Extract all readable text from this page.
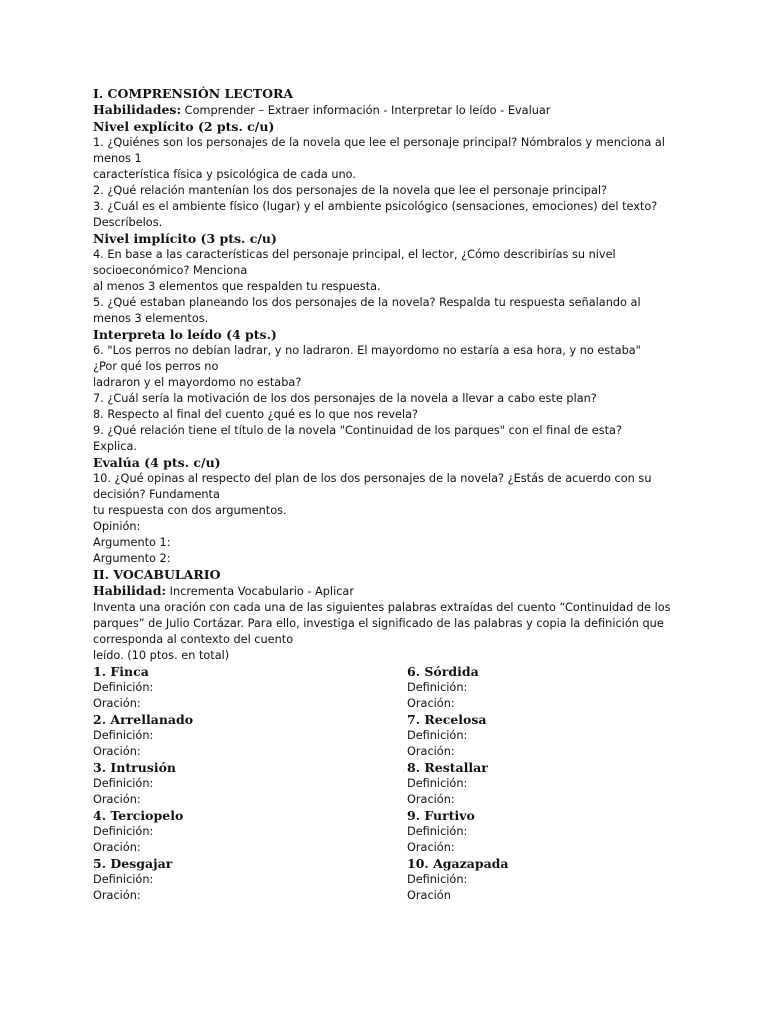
I. COMPRENSIÓN LECTORA

Habilidades: Comprender – Extraer información - Interpretar lo leído - Evaluar

Nivel explícito (2 pts. c/u)

1. ¿Quiénes son los personajes de la novela que lee el personaje principal? Nómbralos y menciona al

menos 1

característica física y psicológica de cada uno.

2. ¿Qué relación mantenían los dos personajes de la novela que lee el personaje principal?

3. ¿Cuál es el ambiente físico (lugar) y el ambiente psicológico (sensaciones, emociones) del texto?

Descríbelos.

Nivel implícito (3 pts. c/u)

4. En base a las características del personaje principal, el lector, ¿Cómo describirías su nivel

socioeconómico? Menciona

al menos 3 elementos que respalden tu respuesta.

5. ¿Qué estaban planeando los dos personajes de la novela? Respalda tu respuesta señalando al

menos 3 elementos.

Interpreta lo leído (4 pts.)

6. "Los perros no debían ladrar, y no ladraron. El mayordomo no estaría a esa hora, y no estaba"

¿Por qué los perros no

ladraron y el mayordomo no estaba?

7. ¿Cuál sería la motivación de los dos personajes de la novela a llevar a cabo este plan?

8. Respecto al final del cuento ¿qué es lo que nos revela?

9. ¿Qué relación tiene el título de la novela "Continuidad de los parques" con el final de esta?

Explica.

Evalúa (4 pts. c/u)

10. ¿Qué opinas al respecto del plan de los dos personajes de la novela? ¿Estás de acuerdo con su

decisión? Fundamenta

tu respuesta con dos argumentos.

Opinión:

Argumento 1:

Argumento 2:

II. VOCABULARIO

Habilidad: Incrementa Vocabulario - Aplicar

Inventa una oración con cada una de las siguientes palabras extraídas del cuento “Continuidad de los

parques” de Julio Cortázar. Para ello, investiga el significado de las palabras y copia la definición que

corresponda al contexto del cuento

leído. (10 ptos. en total)

1. Finca

Definición:

Oración:

6. Sórdida

Definición:

Oración:

2. Arrellanado

Definición:

Oración:

7. Recelosa

Definición:

Oración:

3. Intrusión

Definición:

Oración:

8. Restallar

Definición:

Oración:

4. Terciopelo

Definición:

Oración:

9. Furtivo

Definición:

Oración:

5. Desgajar

Definición:

Oración:

10. Agazapada

Definición:

Oración
